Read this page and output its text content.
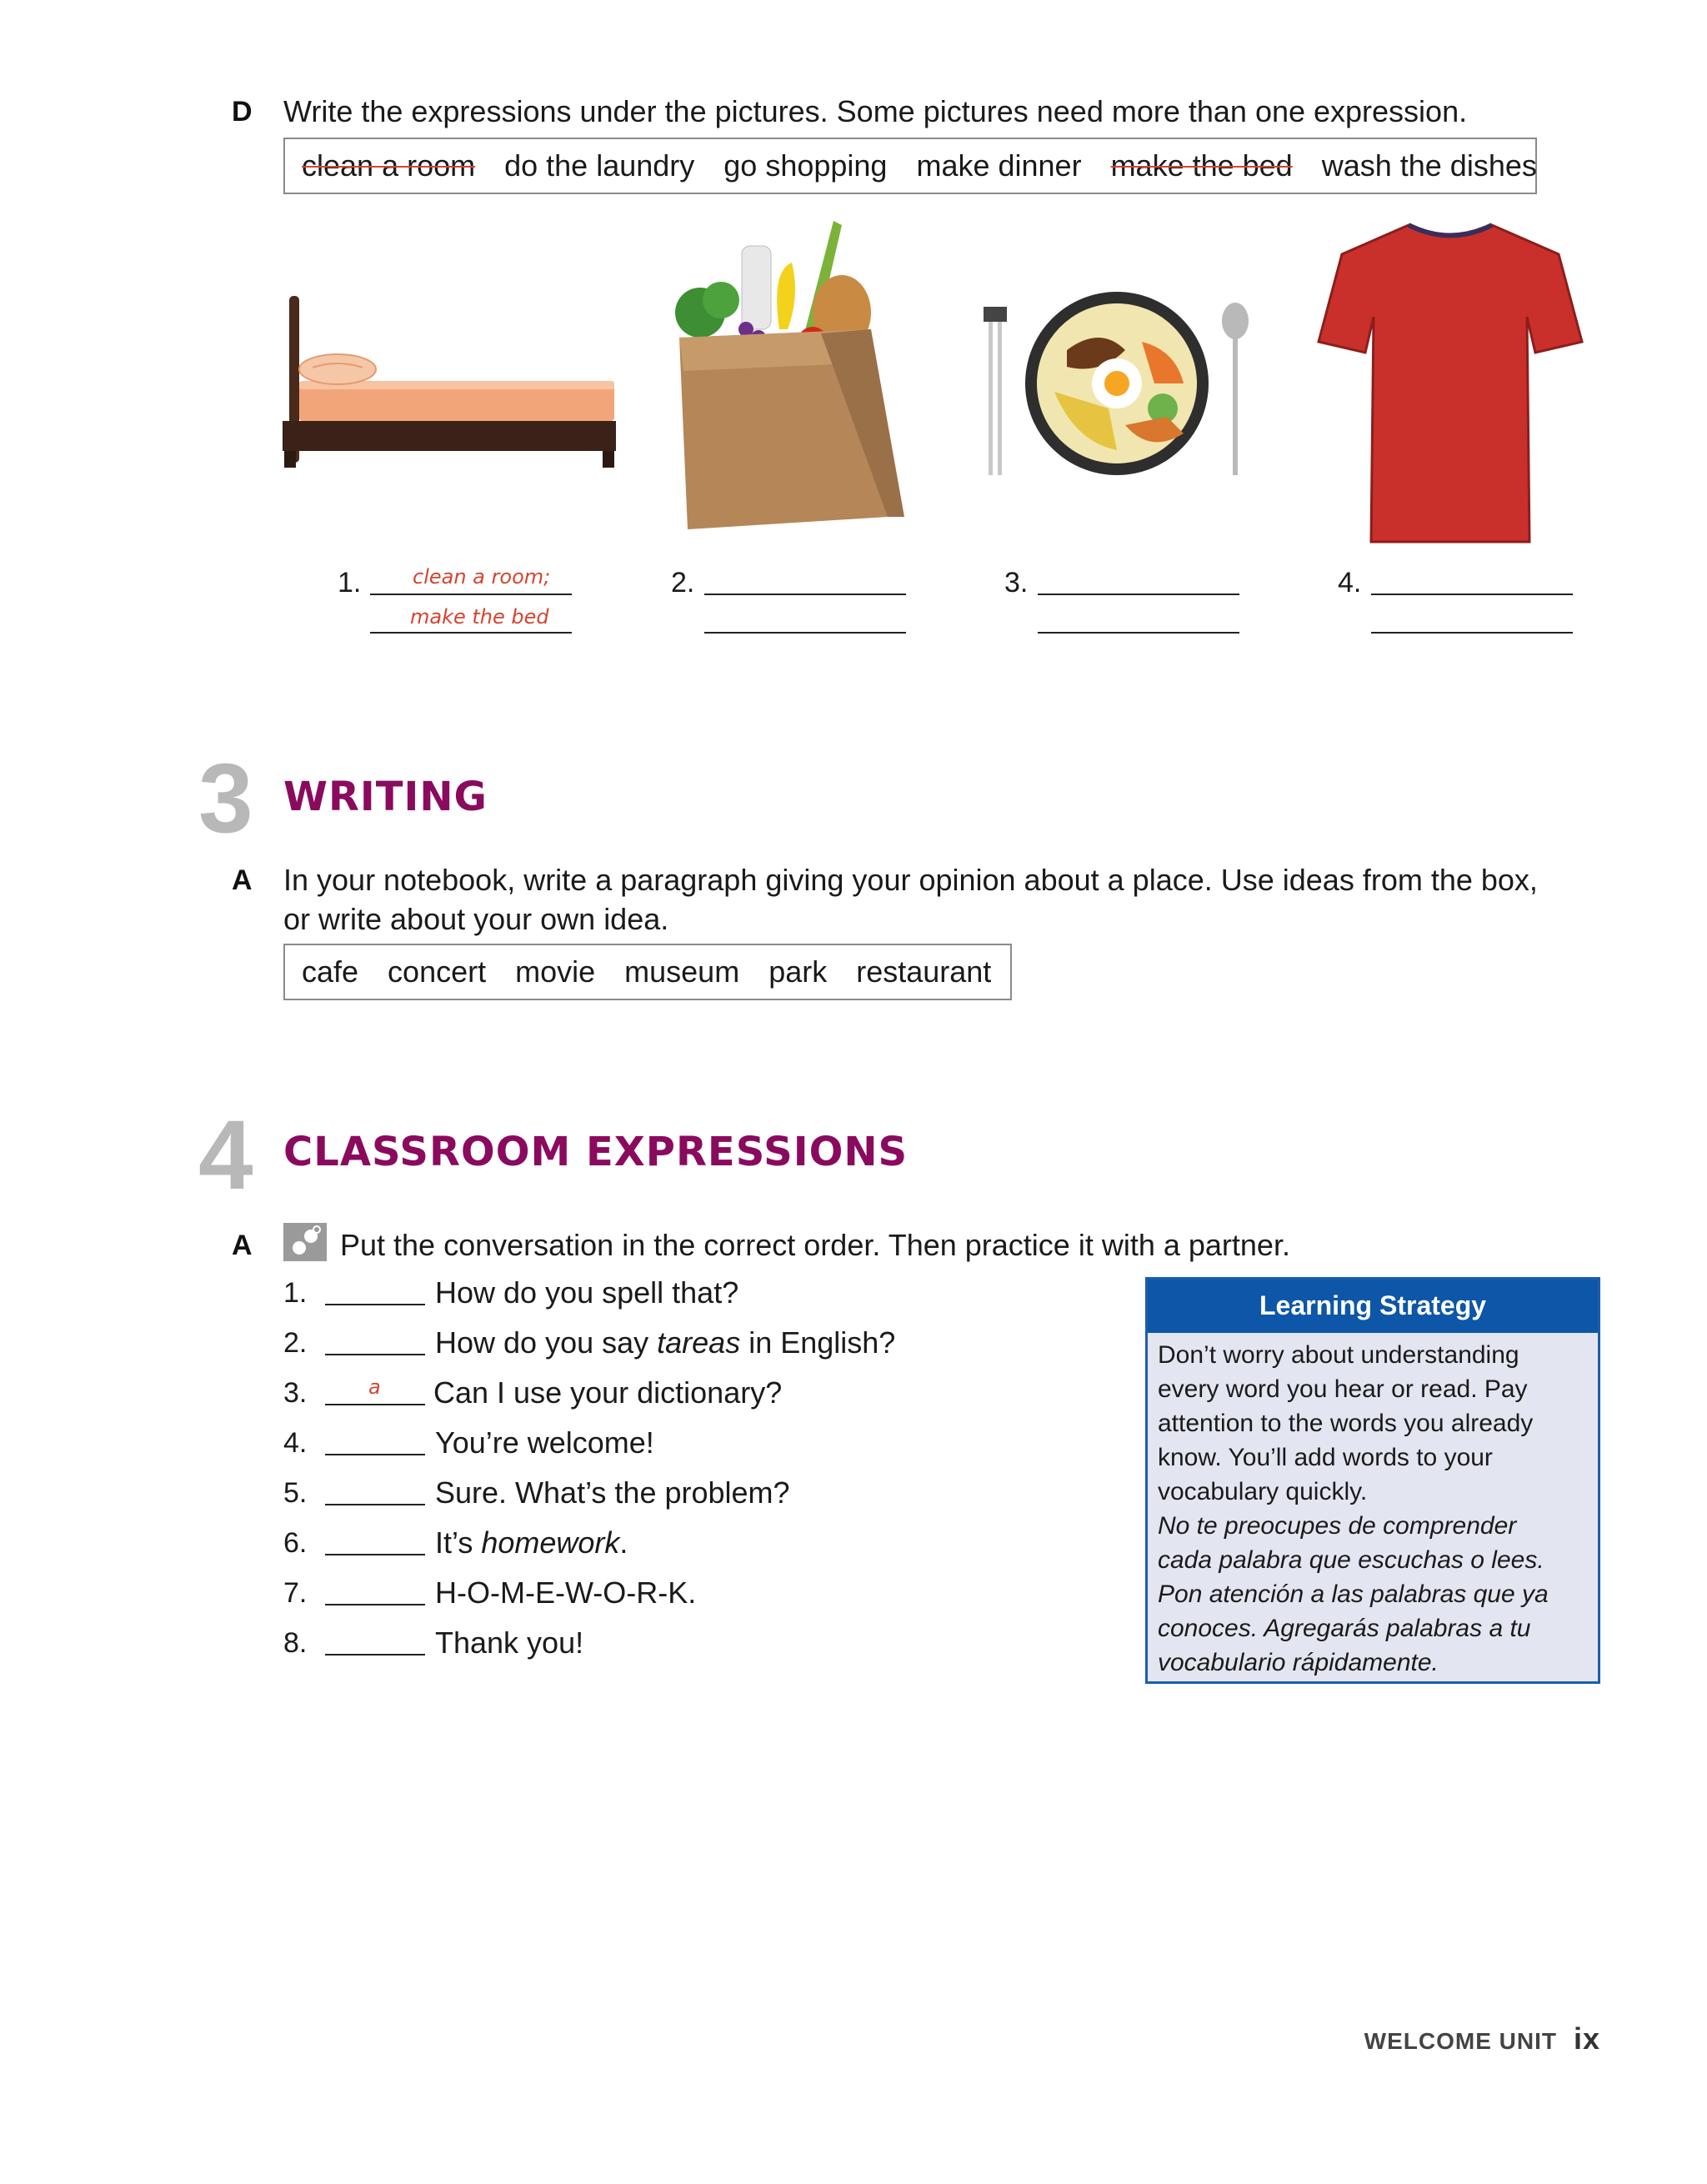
D Write the expressions under the pictures. Some pictures need more than one expression.
clean a room do the laundry go shopping make dinner make the bed wash the dishes
1.	clean a room;
make the bed
2.	3.	4.
3 WRITING
A In your notebook, write a paragraph giving your opinion about a place. Use ideas from the box,
or write about your own idea.
cafe concert movie museum park restaurant
4 CLASSROOM EXPRESSIONS
A	Put the conversation in the correct order. Then practice it with a partner.
1.	How do you spell that?
2.	How do you say tareas in English?
3.	a Can I use your dictionary?
4.	You’re welcome!
5.	Sure. What’s the problem?
6.	It’s homework.
7.	H-O-M-E-W-O-R-K.
8.	Thank you!
Learning Strategy
Don’t worry about understanding
every word you hear or read. Pay
attention to the words you already
know. You’ll add words to your
vocabulary quickly.
No te preocupes de comprender
cada palabra que escuchas o lees.
Pon atención a las palabras que ya
conoces. Agregarás palabras a tu
vocabulario rápidamente.
WELCOME UNIT ix
